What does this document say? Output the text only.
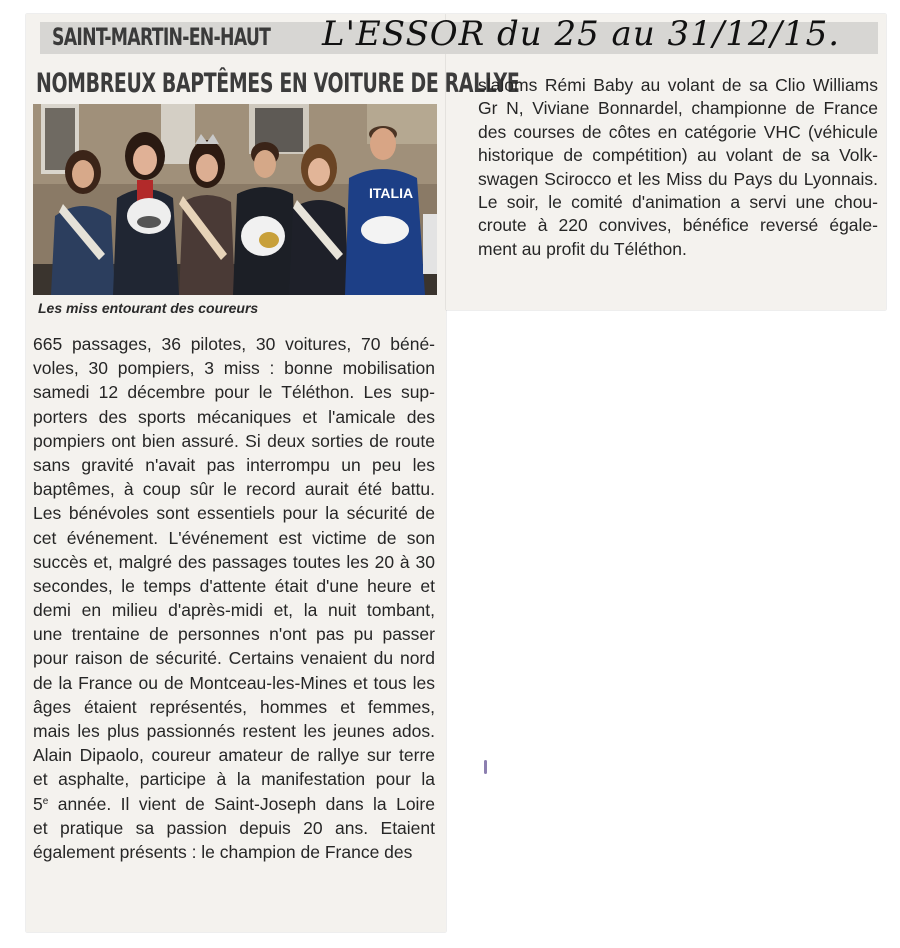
SAINT-MARTIN-EN-HAUT L'ESSOR du 25 au 31/12/15.
NOMBREUX BAPTÊMES EN VOITURE DE RALLYE
ITALIA
Les miss entourant des coureurs
665 passages, 36 pilotes, 30 voitures, 70 béné-
voles, 30 pompiers, 3 miss : bonne mobilisation
samedi 12 décembre pour le Téléthon. Les sup-
porters des sports mécaniques et l'amicale des
pompiers ont bien assuré. Si deux sorties de route
sans gravité n'avait pas interrompu un peu les
baptêmes, à coup sûr le record aurait été battu.
Les bénévoles sont essentiels pour la sécurité de
cet événement. L'événement est victime de son
succès et, malgré des passages toutes les 20 à 30
secondes, le temps d'attente était d'une heure et
demi en milieu d'après-midi et, la nuit tombant,
une trentaine de personnes n'ont pas pu passer
pour raison de sécurité. Certains venaient du nord
de la France ou de Montceau-les-Mines et tous les
âges étaient représentés, hommes et femmes,
mais les plus passionnés restent les jeunes ados.
Alain Dipaolo, coureur amateur de rallye sur terre
et asphalte, participe à la manifestation pour la
5e année. Il vient de Saint-Joseph dans la Loire
et pratique sa passion depuis 20 ans. Etaient
également présents : le champion de France des
slaloms Rémi Baby au volant de sa Clio Williams
Gr N, Viviane Bonnardel, championne de France
des courses de côtes en catégorie VHC (véhicule
historique de compétition) au volant de sa Volk-
swagen Scirocco et les Miss du Pays du Lyonnais.
Le soir, le comité d'animation a servi une chou-
croute à 220 convives, bénéfice reversé égale-
ment au profit du Téléthon.
